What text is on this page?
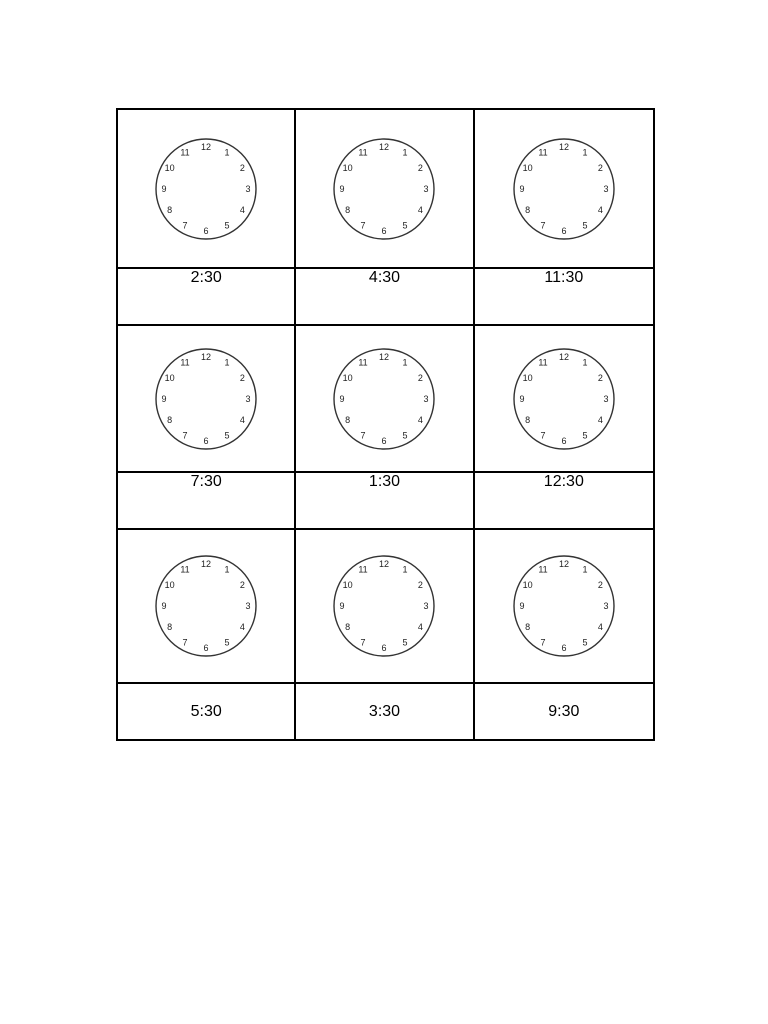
12
1
2
3
4
5
6
7
8
9
10
11
2:30
12
1
2
3
4
5
6
7
8
9
10
11
4:30
12
1
2
3
4
5
6
7
8
9
10
11
11:30
12
1
2
3
4
5
6
7
8
9
10
11
7:30
12
1
2
3
4
5
6
7
8
9
10
11
1:30
12
1
2
3
4
5
6
7
8
9
10
11
12:30
12
1
2
3
4
5
6
7
8
9
10
11
5:30
12
1
2
3
4
5
6
7
8
9
10
11
3:30
12
1
2
3
4
5
6
7
8
9
10
11
9:30
